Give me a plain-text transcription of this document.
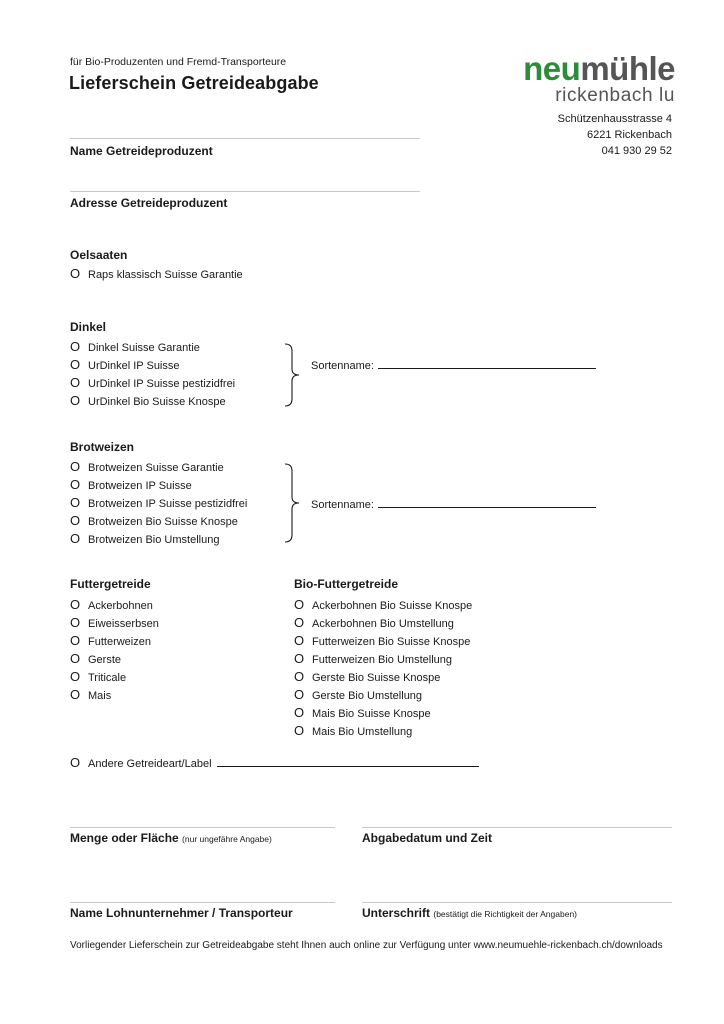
für Bio-Produzenten und Fremd-Transporteure
Lieferschein Getreideabgabe	neumühle
rickenbach lu
Schützenhausstrasse 4
6221 Rickenbach
041 930 29 52
Name Getreideproduzent
Adresse Getreideproduzent
Oelsaaten
O Raps klassisch Suisse Garantie
Dinkel
O Dinkel Suisse Garantie
O UrDinkel IP Suisse
O UrDinkel IP Suisse pestizidfrei
O UrDinkel Bio Suisse Knospe
Sortenname:
Brotweizen
O Brotweizen Suisse Garantie
O Brotweizen IP Suisse
O Brotweizen IP Suisse pestizidfrei
O Brotweizen Bio Suisse Knospe
O Brotweizen Bio Umstellung
Sortenname:
Futtergetreide
O Ackerbohnen
O Eiweisserbsen
O Futterweizen
O Gerste
O Triticale
O Mais
Bio-Futtergetreide
O Ackerbohnen Bio Suisse Knospe
O Ackerbohnen Bio Umstellung
O Futterweizen Bio Suisse Knospe
O Futterweizen Bio Umstellung
O Gerste Bio Suisse Knospe
O Gerste Bio Umstellung
O Mais Bio Suisse Knospe
O Mais Bio Umstellung
O Andere Getreideart/Label
Menge oder Fläche (nur ungefähre Angabe)	Abgabedatum und Zeit
Name Lohnunternehmer / Transporteur	Unterschrift (bestätigt die Richtigkeit der Angaben)
Vorliegender Lieferschein zur Getreideabgabe steht Ihnen auch online zur Verfügung unter www.neumuehle-rickenbach.ch/downloads
